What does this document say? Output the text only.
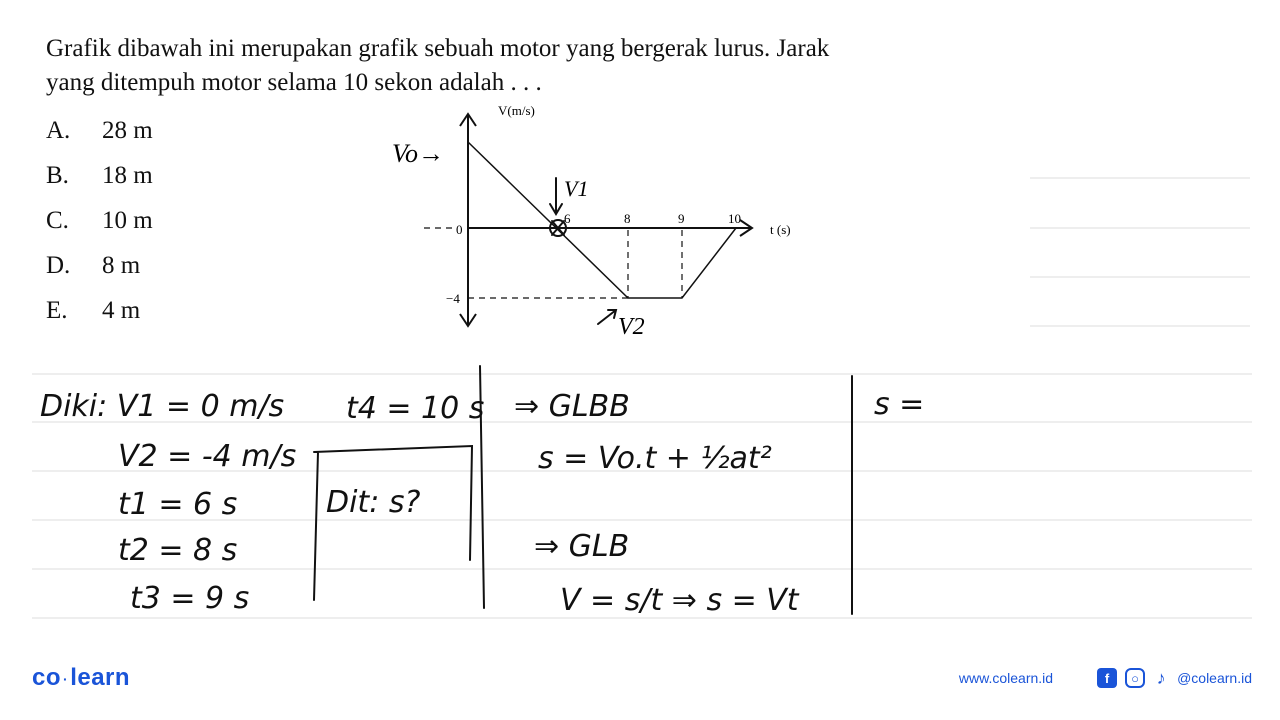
Grafik dibawah ini merupakan grafik sebuah motor yang bergerak lurus. Jarak
yang ditempuh motor selama 10 sekon adalah . . .
A.	28 m
B.	18 m
C.	10 m
D.	8 m
E.	4 m
V(m/s)
t (s)
0
−4
6	8	9	10
Vo→
V1
V2
Diki: V1 = 0 m/s
V2 = -4 m/s
t1 = 6 s
t2 = 8 s
t3 = 9 s
t4 = 10 s
Dit: s?
⇒ GLBB
s = Vo.t + ½at²
⇒ GLB
V = s/t ⇒ s = Vt
s =
co ·learn	www.colearn.id	f	○ ♪ @colearn.id
